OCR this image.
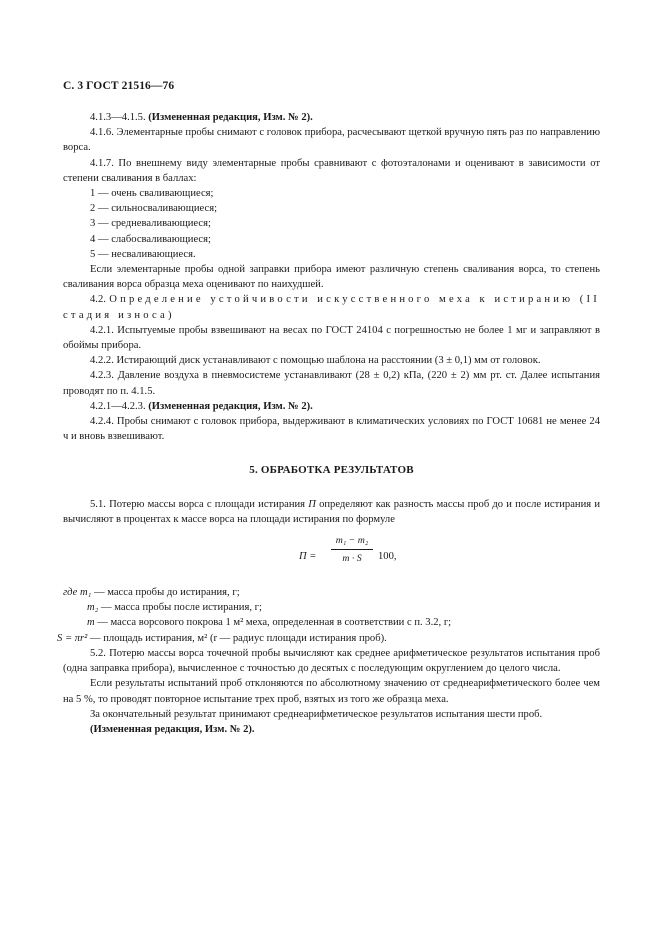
С. 3 ГОСТ 21516—76

4.1.3—4.1.5. (Измененная редакция, Изм. № 2).

4.1.6. Элементарные пробы снимают с головок прибора, расчесывают щеткой вручную пять раз по направлению ворса.

4.1.7. По внешнему виду элементарные пробы сравнивают с фотоэталонами и оценивают в зависимости от степени сваливания в баллах:

1 — очень сваливающиеся;
2 — сильносваливающиеся;
3 — средневаливающиеся;
4 — слабосваливающиеся;
5 — несваливающиеся.

Если элементарные пробы одной заправки прибора имеют различную степень сваливания ворса, то степень сваливания ворса образца меха оценивают по наихудшей.

4.2. Определение устойчивости искусственного меха к истиранию (II стадия износа)

4.2.1. Испытуемые пробы взвешивают на весах по ГОСТ 24104 с погрешностью не более 1 мг и заправляют в обоймы прибора.

4.2.2. Истирающий диск устанавливают с помощью шаблона на расстоянии (3 ± 0,1) мм от головок.

4.2.3. Давление воздуха в пневмосистеме устанавливают (28 ± 0,2) кПа, (220 ± 2) мм рт. ст. Далее испытания проводят по п. 4.1.5.

4.2.1—4.2.3. (Измененная редакция, Изм. № 2).

4.2.4. Пробы снимают с головок прибора, выдерживают в климатических условиях по ГОСТ 10681 не менее 24 ч и вновь взвешивают.

5. ОБРАБОТКА РЕЗУЛЬТАТОВ

5.1. Потерю массы ворса с площади истирания П определяют как разность массы проб до и после истирания и вычисляют в процентах к массе ворса на площади истирания по формуле

$П = \frac{\text{m₁ − m₂}}{m \cdot S} 100$,
где m₁ — масса пробы до истирания, г;
m₂ — масса пробы после истирания, г;
m — масса ворсового покрова 1 м² меха, определенная в соответствии с п. 3.2, г;
S = πr² — площадь истирания, м² (r — радиус площади истирания проб).

5.2. Потерю массы ворса точечной пробы вычисляют как среднее арифметическое результатов испытания проб (одна заправка прибора), вычисленное с точностью до десятых с последующим округлением до целого числа.

Если результаты испытаний проб отклоняются по абсолютному значению от среднеарифметического более чем на 5 %, то проводят повторное испытание трех проб, взятых из того же образца меха.

За окончательный результат принимают среднеарифметическое результатов испытания шести проб.

(Измененная редакция, Изм. № 2).
